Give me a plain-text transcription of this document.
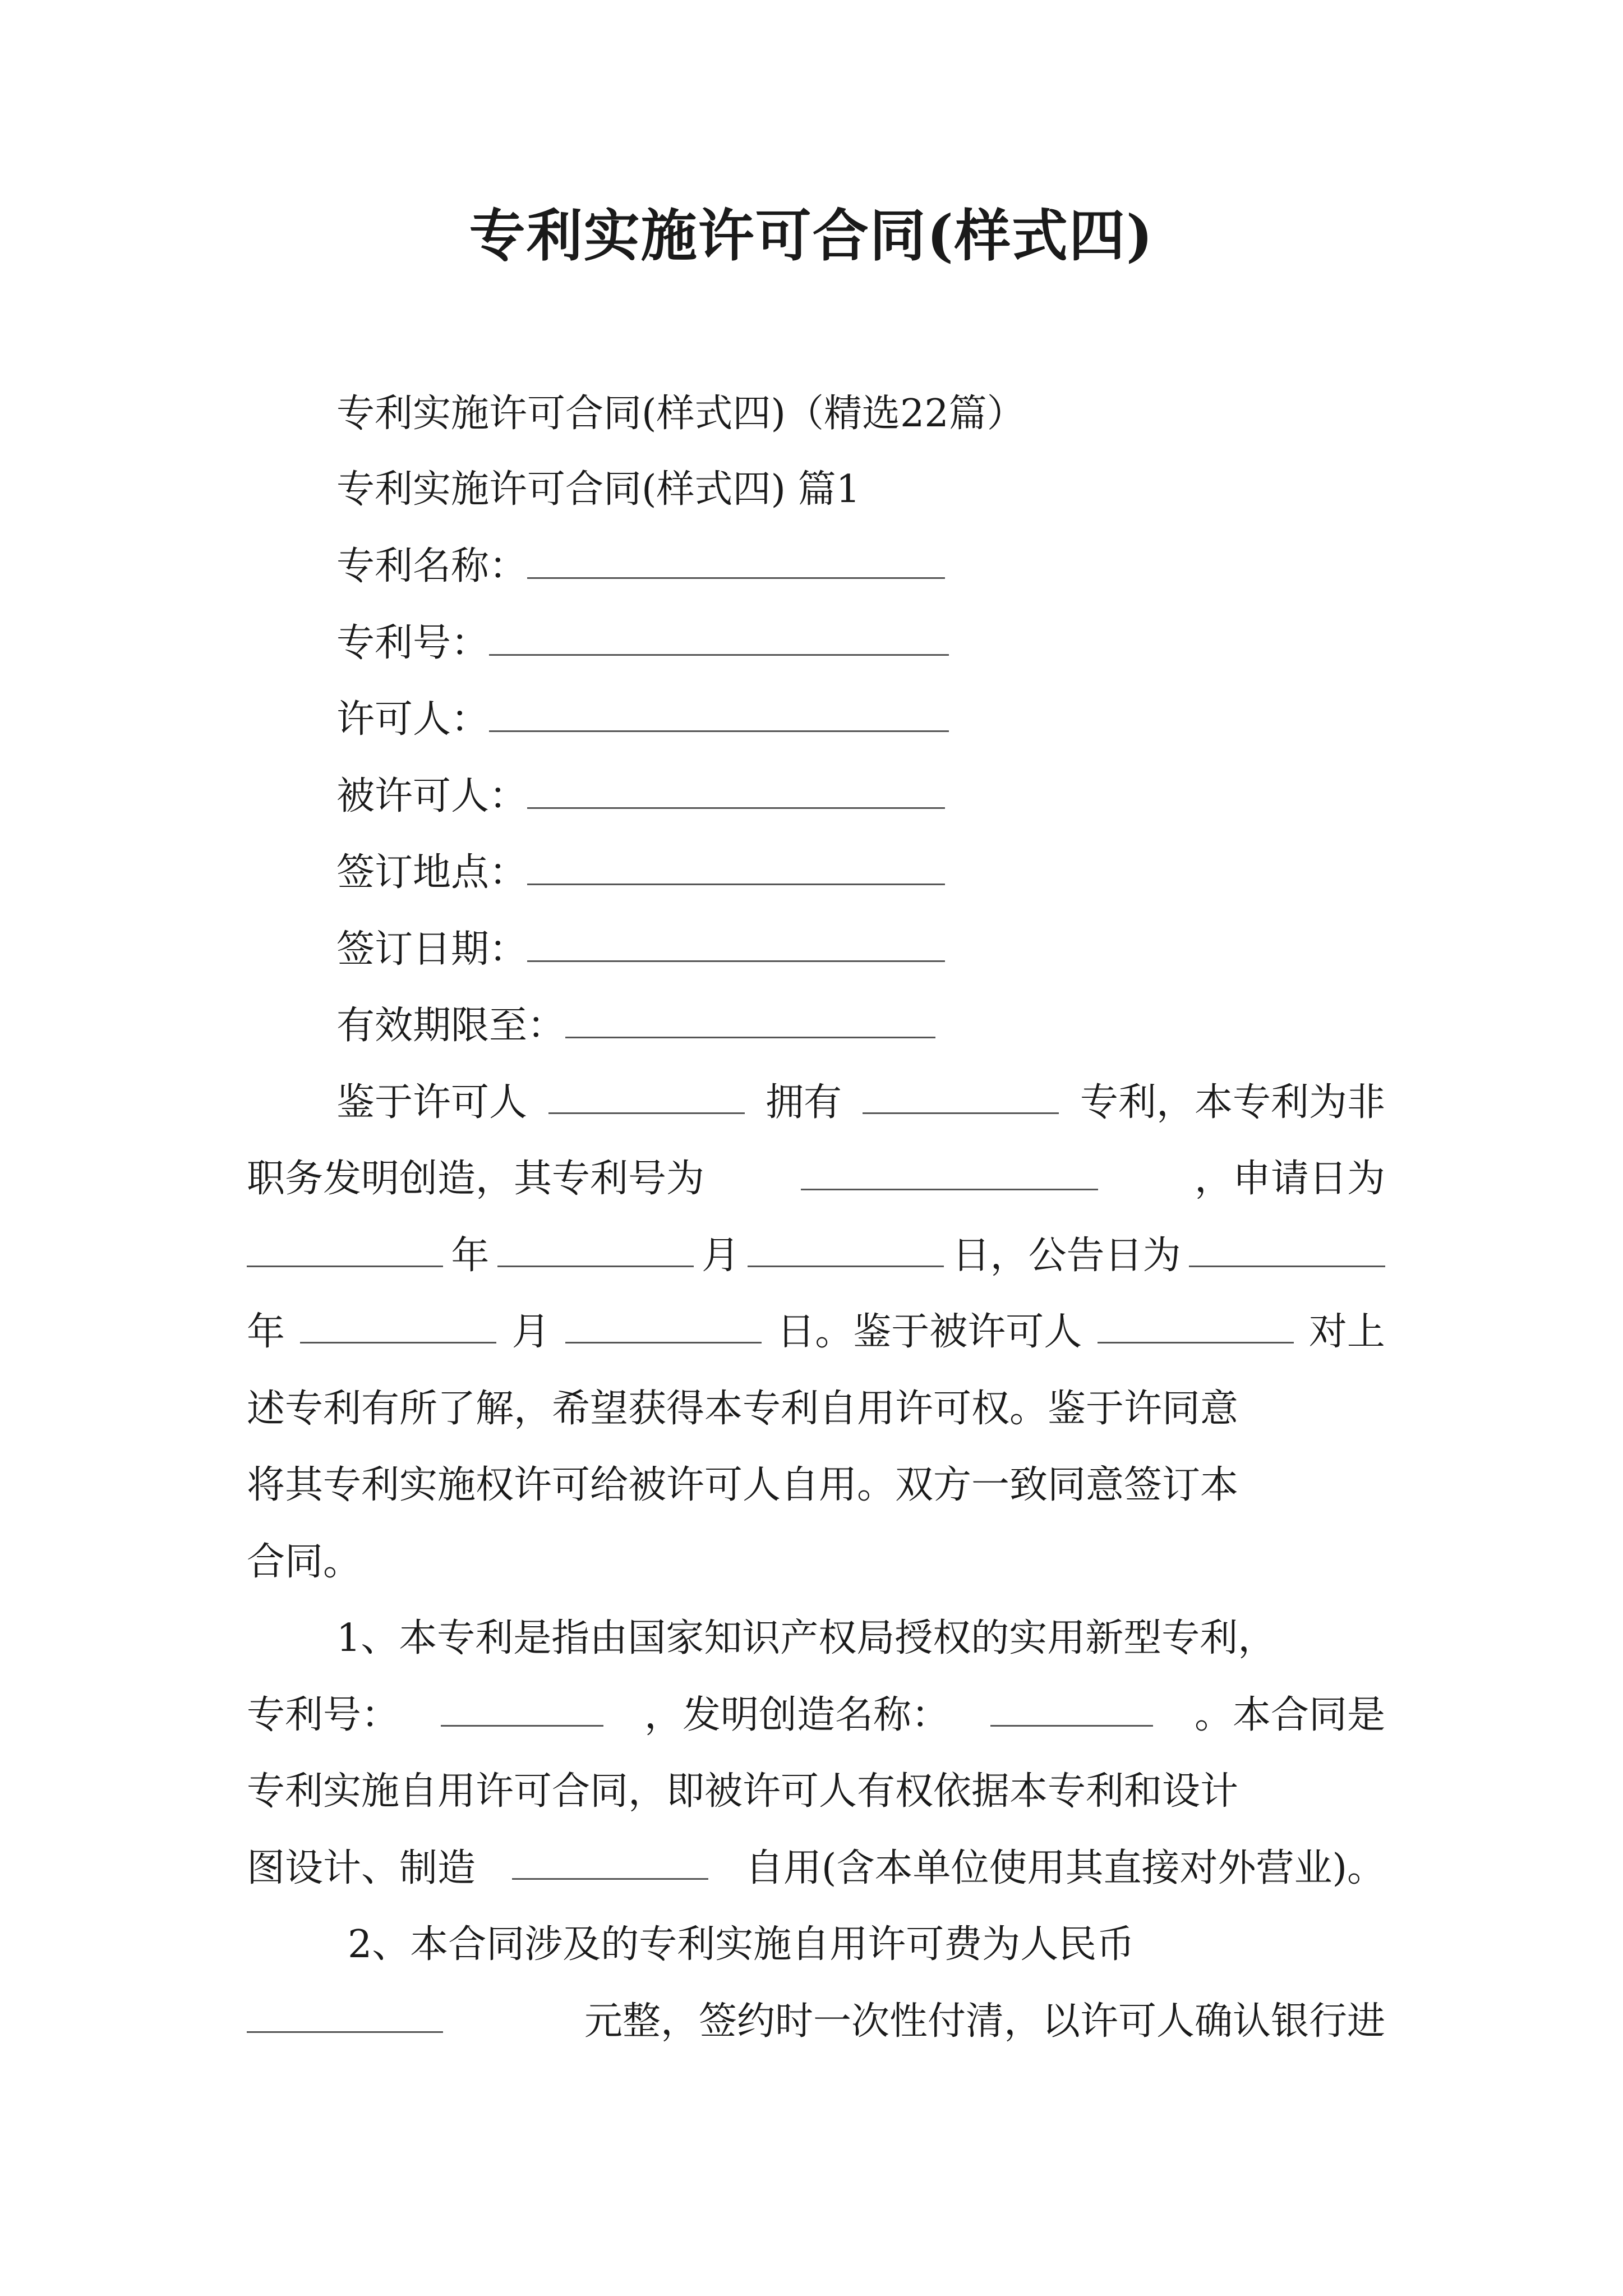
专利实施许可合同(样式四)
专利实施许可合同(样式四)（精选22篇）
专利实施许可合同(样式四) 篇1
专利名称：
专利号：
许可人：
被许可人：
签订地点：
签订日期：
有效期限至：
鉴于许可人	拥有	专利，本专利为非
职务发明创造，其专利号为	，申请日为
年	月	日，公告日为
年	月	日。鉴于被许可人	对上
述专利有所了解，希望获得本专利自用许可权。鉴于许同意
将其专利实施权许可给被许可人自用。双方一致同意签订本
合同。
1、本专利是指由国家知识产权局授权的实用新型专利，
专利号：	，发明创造名称：	。本合同是
专利实施自用许可合同，即被许可人有权依据本专利和设计
图设计、制造	自用(含本单位使用其直接对外营业)。
2、本合同涉及的专利实施自用许可费为人民币
元整，签约时一次性付清，以许可人确认银行进
